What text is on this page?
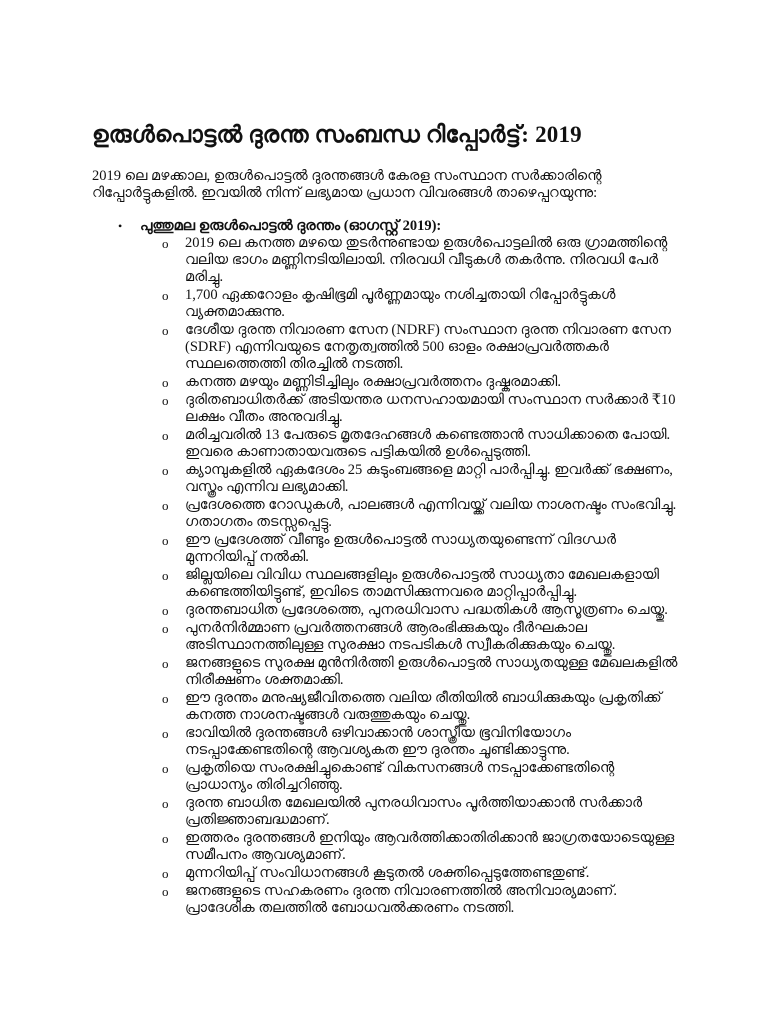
ഉരുൾപൊട്ടൽ ദുരന്ത സംബന്ധ റിപ്പോർട്ട്: 2019

2019 ലെ മഴക്കാല, ഉരുൾപൊട്ടൽ ദുരന്തങ്ങൾ കേരള സംസ്ഥാന സർക്കാരിന്റെ റിപ്പോർട്ടുകളിൽ. ഇവയിൽ നിന്ന് ലഭ്യമായ പ്രധാന വിവരങ്ങൾ താഴെപ്പറയുന്നു:

• പുത്തുമല ഉരുൾപൊട്ടൽ ദുരന്തം (ഓഗസ്റ്റ് 2019):
o 2019 ലെ കനത്ത മഴയെ തുടർന്നുണ്ടായ ഉരുൾപൊട്ടലിൽ ഒരു ഗ്രാമത്തിന്റെ വലിയ ഭാഗം മണ്ണിനടിയിലായി. നിരവധി വീടുകൾ തകർന്നു. നിരവധി പേർ മരിച്ചു.
o 1,700 ഏക്കറോളം കൃഷിഭൂമി പൂർണ്ണമായും നശിച്ചതായി റിപ്പോർട്ടുകൾ വ്യക്തമാക്കുന്നു.
o ദേശീയ ദുരന്ത നിവാരണ സേന (NDRF) സംസ്ഥാന ദുരന്ത നിവാരണ സേന (SDRF) എന്നിവയുടെ നേതൃത്വത്തിൽ 500 ഓളം രക്ഷാപ്രവർത്തകർ സ്ഥലത്തെത്തി തിരച്ചിൽ നടത്തി.
o കനത്ത മഴയും മണ്ണിടിച്ചിലും രക്ഷാപ്രവർത്തനം ദുഷ്കരമാക്കി.
o ദുരിതബാധിതർക്ക് അടിയന്തര ധനസഹായമായി സംസ്ഥാന സർക്കാർ ₹10 ലക്ഷം വീതം അനുവദിച്ചു.
o മരിച്ചവരിൽ 13 പേരുടെ മൃതദേഹങ്ങൾ കണ്ടെത്താൻ സാധിക്കാതെ പോയി. ഇവരെ കാണാതായവരുടെ പട്ടികയിൽ ഉൾപ്പെടുത്തി.
o ക്യാമ്പുകളിൽ ഏകദേശം 25 കുടുംബങ്ങളെ മാറ്റി പാർപ്പിച്ചു. ഇവർക്ക് ഭക്ഷണം, വസ്ത്രം എന്നിവ ലഭ്യമാക്കി.
o പ്രദേശത്തെ റോഡുകൾ, പാലങ്ങൾ എന്നിവയ്ക്ക് വലിയ നാശനഷ്ടം സംഭവിച്ചു. ഗതാഗതം തടസ്സപ്പെട്ടു.
o ഈ പ്രദേശത്ത് വീണ്ടും ഉരുൾപൊട്ടൽ സാധ്യതയുണ്ടെന്ന് വിദഗ്ധർ മുന്നറിയിപ്പ് നൽകി.
o ജില്ലയിലെ വിവിധ സ്ഥലങ്ങളിലും ഉരുൾപൊട്ടൽ സാധ്യതാ മേഖലകളായി കണ്ടെത്തിയിട്ടുണ്ട്, ഇവിടെ താമസിക്കുന്നവരെ മാറ്റിപ്പാർപ്പിച്ചു.
o ദുരന്തബാധിത പ്രദേശത്തെ, പുനരധിവാസ പദ്ധതികൾ ആസൂത്രണം ചെയ്തു.
o പുനർനിർമ്മാണ പ്രവർത്തനങ്ങൾ ആരംഭിക്കുകയും ദീർഘകാല അടിസ്ഥാനത്തിലുള്ള സുരക്ഷാ നടപടികൾ സ്വീകരിക്കുകയും ചെയ്തു.
o ജനങ്ങളുടെ സുരക്ഷ മുൻനിർത്തി ഉരുൾപൊട്ടൽ സാധ്യതയുള്ള മേഖലകളിൽ നിരീക്ഷണം ശക്തമാക്കി.
o ഈ ദുരന്തം മനുഷ്യജീവിതത്തെ വലിയ രീതിയിൽ ബാധിക്കുകയും പ്രകൃതിക്ക് കനത്ത നാശനഷ്ടങ്ങൾ വരുത്തുകയും ചെയ്തു.
o ഭാവിയിൽ ദുരന്തങ്ങൾ ഒഴിവാക്കാൻ ശാസ്ത്രീയ ഭൂവിനിയോഗം നടപ്പാക്കേണ്ടതിന്റെ ആവശ്യകത ഈ ദുരന്തം ചൂണ്ടിക്കാട്ടുന്നു.
o പ്രകൃതിയെ സംരക്ഷിച്ചുകൊണ്ട് വികസനങ്ങൾ നടപ്പാക്കേണ്ടതിന്റെ പ്രാധാന്യം തിരിച്ചറിഞ്ഞു.
o ദുരന്ത ബാധിത മേഖലയിൽ പുനരധിവാസം പൂർത്തിയാക്കാൻ സർക്കാർ പ്രതിജ്ഞാബദ്ധമാണ്.
o ഇത്തരം ദുരന്തങ്ങൾ ഇനിയും ആവർത്തിക്കാതിരിക്കാൻ ജാഗ്രതയോടെയുള്ള സമീപനം ആവശ്യമാണ്.
o മുന്നറിയിപ്പ് സംവിധാനങ്ങൾ കൂടുതൽ ശക്തിപ്പെടുത്തേണ്ടതുണ്ട്.
o ജനങ്ങളുടെ സഹകരണം ദുരന്ത നിവാരണത്തിൽ അനിവാര്യമാണ്. പ്രാദേശിക തലത്തിൽ ബോധവൽക്കരണം നടത്തി.
